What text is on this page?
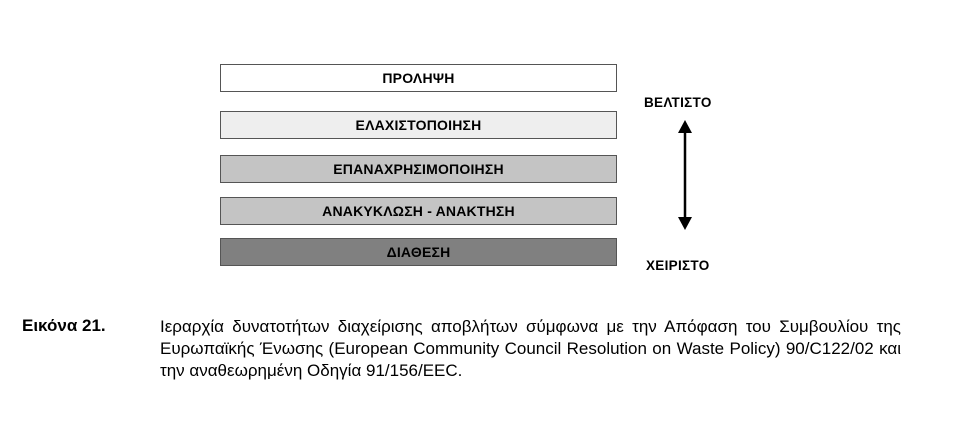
ΠΡΟΛΗΨΗ
ΕΛΑΧΙΣΤΟΠΟΙΗΣΗ
ΕΠΑΝΑΧΡΗΣΙΜΟΠΟΙΗΣΗ
ΑΝΑΚΥΚΛΩΣΗ - ΑΝΑΚΤΗΣΗ
ΔΙΑΘΕΣΗ
ΒΕΛΤΙΣΤΟ
ΧΕΙΡΙΣΤΟ
Εικόνα 21.	Ιεραρχία δυνατοτήτων διαχείρισης αποβλήτων σύμφωνα με την Απόφαση του Συμβουλίου της Ευρωπαϊκής Ένωσης (European Community Council Resolution on Waste Policy) 90/C122/02 και την αναθεωρημένη Οδηγία 91/156/EEC.
